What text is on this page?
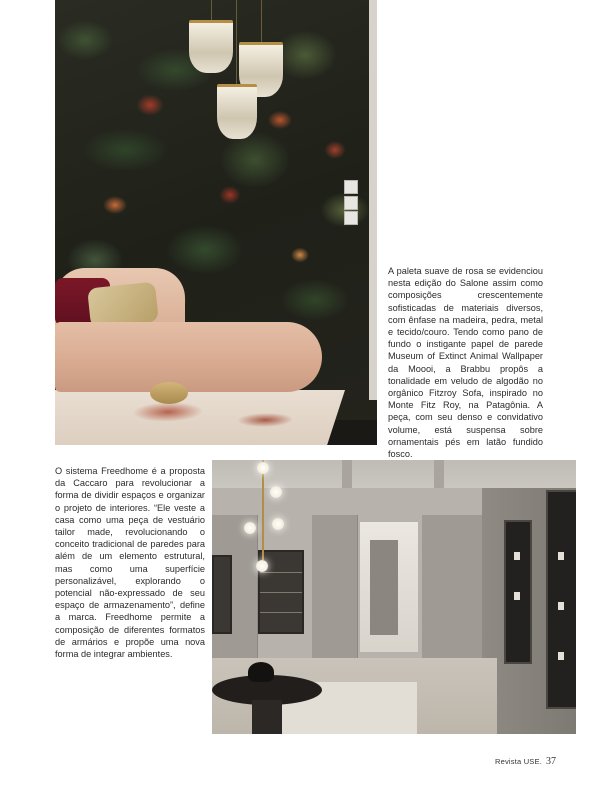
A paleta suave de rosa se evidenciou nesta edição do Salone assim como composições crescentemente sofisticadas de materiais diversos, com ênfase na madeira, pedra, metal e tecido/couro. Tendo como pano de fundo o instigante papel de parede Museum of Extinct Animal Wallpaper da Moooi, a Brabbu propôs a tonalidade em veludo de algodão no orgânico Fitzroy Sofa, inspirado no Monte Fitz Roy, na Patagônia. A peça, com seu denso e convidativo volume, está suspensa sobre ornamentais pés em latão fundido fosco.

O sistema Freedhome é a proposta da Caccaro para revolucionar a forma de dividir espaços e organizar o projeto de interiores. “Ele veste a casa como uma peça de vestuário tailor made, revolucionando o conceito tradicional de paredes para além de um elemento estrutural, mas como uma superfície personalizável, explorando o potencial não-expressado de seu espaço de armazenamento”, define a marca. Freedhome permite a composição de diferentes formatos de armários e propõe uma nova forma de integrar ambientes.

Revista USE. 37
